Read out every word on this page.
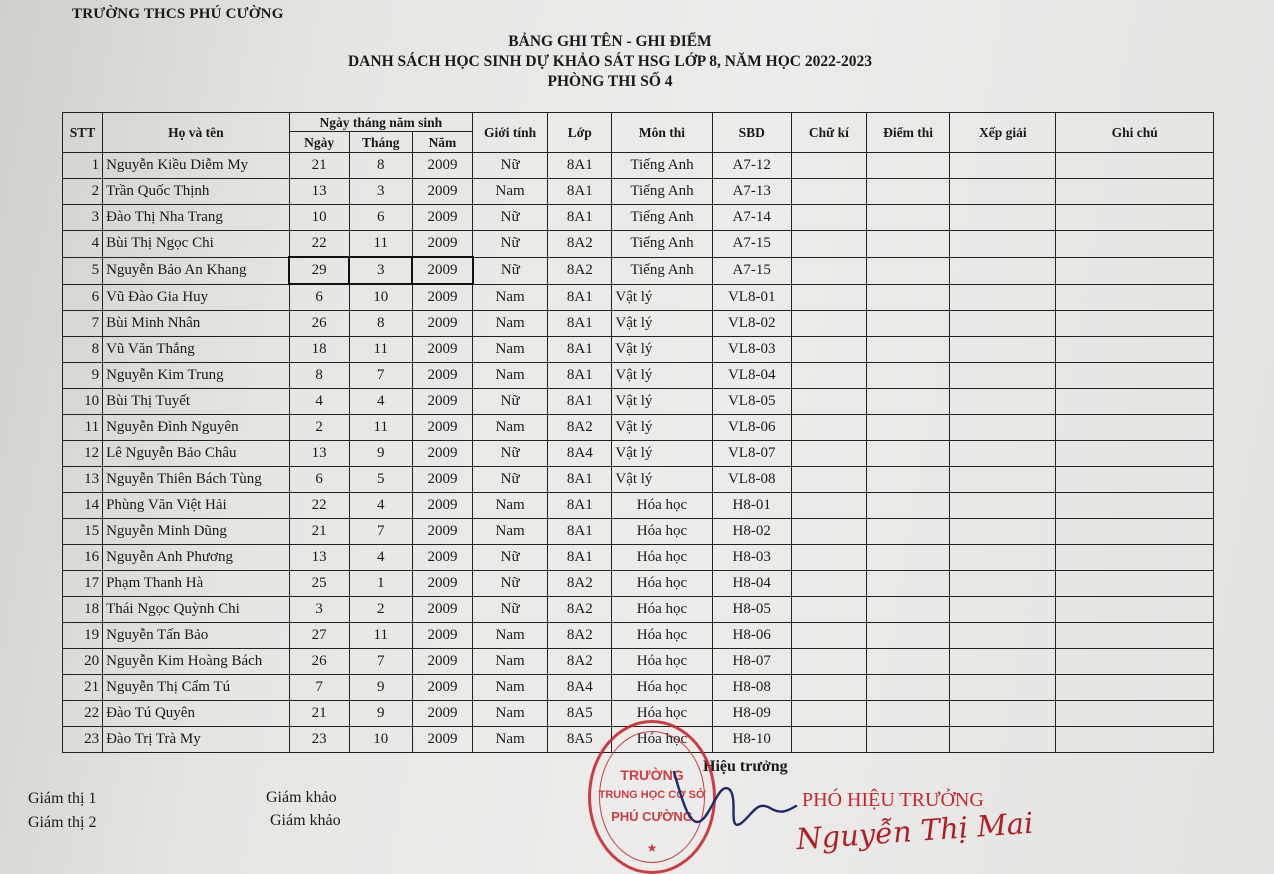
TRƯỜNG THCS PHÚ CƯỜNG
BẢNG GHI TÊN - GHI ĐIỂM
DANH SÁCH HỌC SINH DỰ KHẢO SÁT HSG LỚP 8, NĂM HỌC 2022-2023
PHÒNG THI SỐ 4
STT	Họ và tên	Ngày tháng năm sinh			Giới tính	Lớp	Môn thi	SBD	Chữ kí	Điểm thi	Xếp giải	Ghi chú
		Ngày	Tháng	Năm								
1	Nguyễn Kiều Diễm My	21	8	2009	Nữ	8A1	Tiếng Anh	A7-12				
2	Trần Quốc Thịnh	13	3	2009	Nam	8A1	Tiếng Anh	A7-13				
3	Đào Thị Nha Trang	10	6	2009	Nữ	8A1	Tiếng Anh	A7-14				
4	Bùi Thị Ngọc Chi	22	11	2009	Nữ	8A2	Tiếng Anh	A7-15				
5	Nguyễn Bảo An Khang	29	3	2009	Nữ	8A2	Tiếng Anh	A7-15				
6	Vũ Đào Gia Huy	6	10	2009	Nam	8A1	Vật lý	VL8-01				
7	Bùi Minh Nhân	26	8	2009	Nam	8A1	Vật lý	VL8-02				
8	Vũ Văn Thắng	18	11	2009	Nam	8A1	Vật lý	VL8-03				
9	Nguyễn Kim Trung	8	7	2009	Nam	8A1	Vật lý	VL8-04				
10	Bùi Thị Tuyết	4	4	2009	Nữ	8A1	Vật lý	VL8-05				
11	Nguyễn Đình Nguyên	2	11	2009	Nam	8A2	Vật lý	VL8-06				
12	Lê Nguyễn Bảo Châu	13	9	2009	Nữ	8A4	Vật lý	VL8-07				
13	Nguyễn Thiên Bách Tùng	6	5	2009	Nữ	8A1	Vật lý	VL8-08				
14	Phùng Văn Việt Hải	22	4	2009	Nam	8A1	Hóa học	H8-01				
15	Nguyễn Minh Dũng	21	7	2009	Nam	8A1	Hóa học	H8-02				
16	Nguyễn Anh Phương	13	4	2009	Nữ	8A1	Hóa học	H8-03				
17	Phạm Thanh Hà	25	1	2009	Nữ	8A2	Hóa học	H8-04				
18	Thái Ngọc Quỳnh Chi	3	2	2009	Nữ	8A2	Hóa học	H8-05				
19	Nguyễn Tấn Bảo	27	11	2009	Nam	8A2	Hóa học	H8-06				
20	Nguyễn Kim Hoàng Bách	26	7	2009	Nam	8A2	Hóa học	H8-07				
21	Nguyễn Thị Cẩm Tú	7	9	2009	Nam	8A4	Hóa học	H8-08				
22	Đào Tú Quyên	21	9	2009	Nam	8A5	Hóa học	H8-09				
23	Đào Trị Trà My	23	10	2009	Nam	8A5	Hóa học	H8-10				
Giám thị 1
Giám thị 2
Giám khảo
Giám khảo
Hiệu trưởng
TRƯỜNG
TRUNG HỌC CƠ SỞ
PHÚ CƯỜNG
★
PHÓ HIỆU TRƯỞNG
Nguyễn Thị Mai
